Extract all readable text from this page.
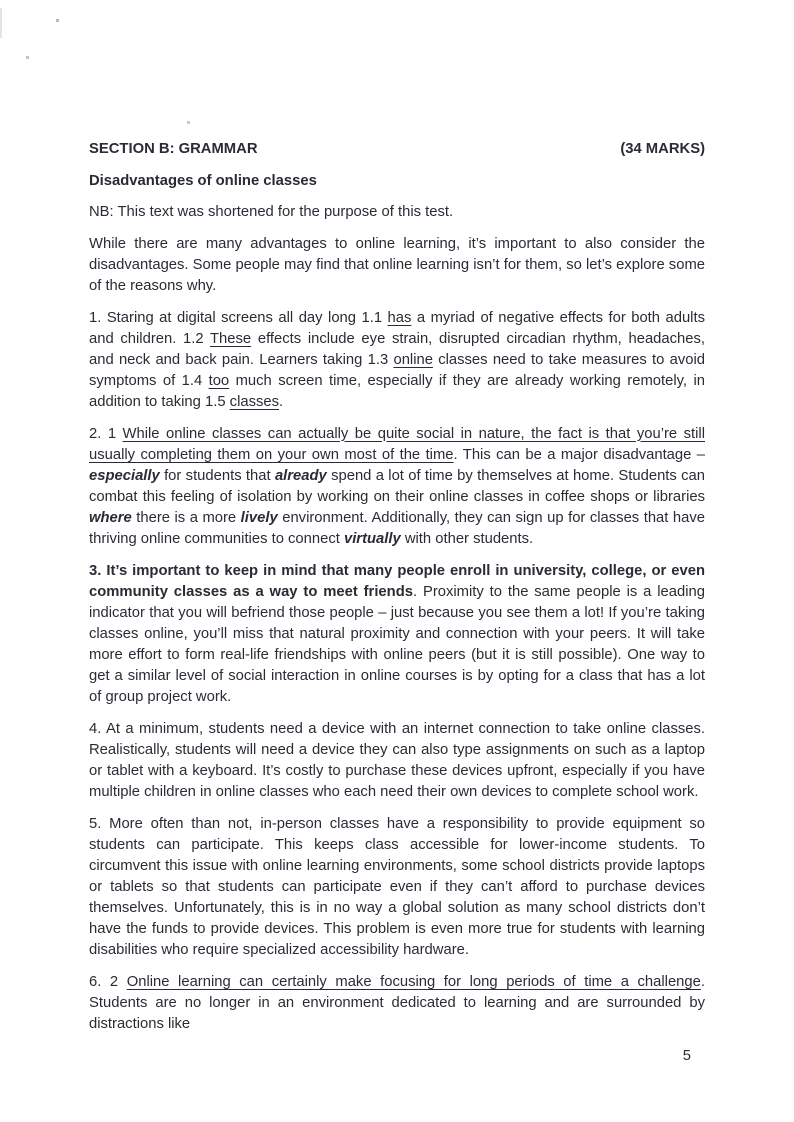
SECTION B: GRAMMAR	(34 MARKS)

Disadvantages of online classes

NB: This text was shortened for the purpose of this test.

While there are many advantages to online learning, it’s important to also consider the disadvantages. Some people may find that online learning isn’t for them, so let’s explore some of the reasons why.

1. Staring at digital screens all day long 1.1 has a myriad of negative effects for both adults and children. 1.2 These effects include eye strain, disrupted circadian rhythm, headaches, and neck and back pain. Learners taking 1.3 online classes need to take measures to avoid symptoms of 1.4 too much screen time, especially if they are already working remotely, in addition to taking 1.5 classes.

2. 1 While online classes can actually be quite social in nature, the fact is that you’re still usually completing them on your own most of the time. This can be a major disadvantage – especially for students that already spend a lot of time by themselves at home. Students can combat this feeling of isolation by working on their online classes in coffee shops or libraries where there is a more lively environment. Additionally, they can sign up for classes that have thriving online communities to connect virtually with other students.

3. It’s important to keep in mind that many people enroll in university, college, or even community classes as a way to meet friends. Proximity to the same people is a leading indicator that you will befriend those people – just because you see them a lot! If you’re taking classes online, you’ll miss that natural proximity and connection with your peers. It will take more effort to form real-life friendships with online peers (but it is still possible). One way to get a similar level of social interaction in online courses is by opting for a class that has a lot of group project work.

4. At a minimum, students need a device with an internet connection to take online classes. Realistically, students will need a device they can also type assignments on such as a laptop or tablet with a keyboard. It’s costly to purchase these devices upfront, especially if you have multiple children in online classes who each need their own devices to complete school work.

5. More often than not, in-person classes have a responsibility to provide equipment so students can participate. This keeps class accessible for lower-income students. To circumvent this issue with online learning environments, some school districts provide laptops or tablets so that students can participate even if they can’t afford to purchase devices themselves. Unfortunately, this is in no way a global solution as many school districts don’t have the funds to provide devices. This problem is even more true for students with learning disabilities who require specialized accessibility hardware.

6. 2 Online learning can certainly make focusing for long periods of time a challenge. Students are no longer in an environment dedicated to learning and are surrounded by distractions like

5
